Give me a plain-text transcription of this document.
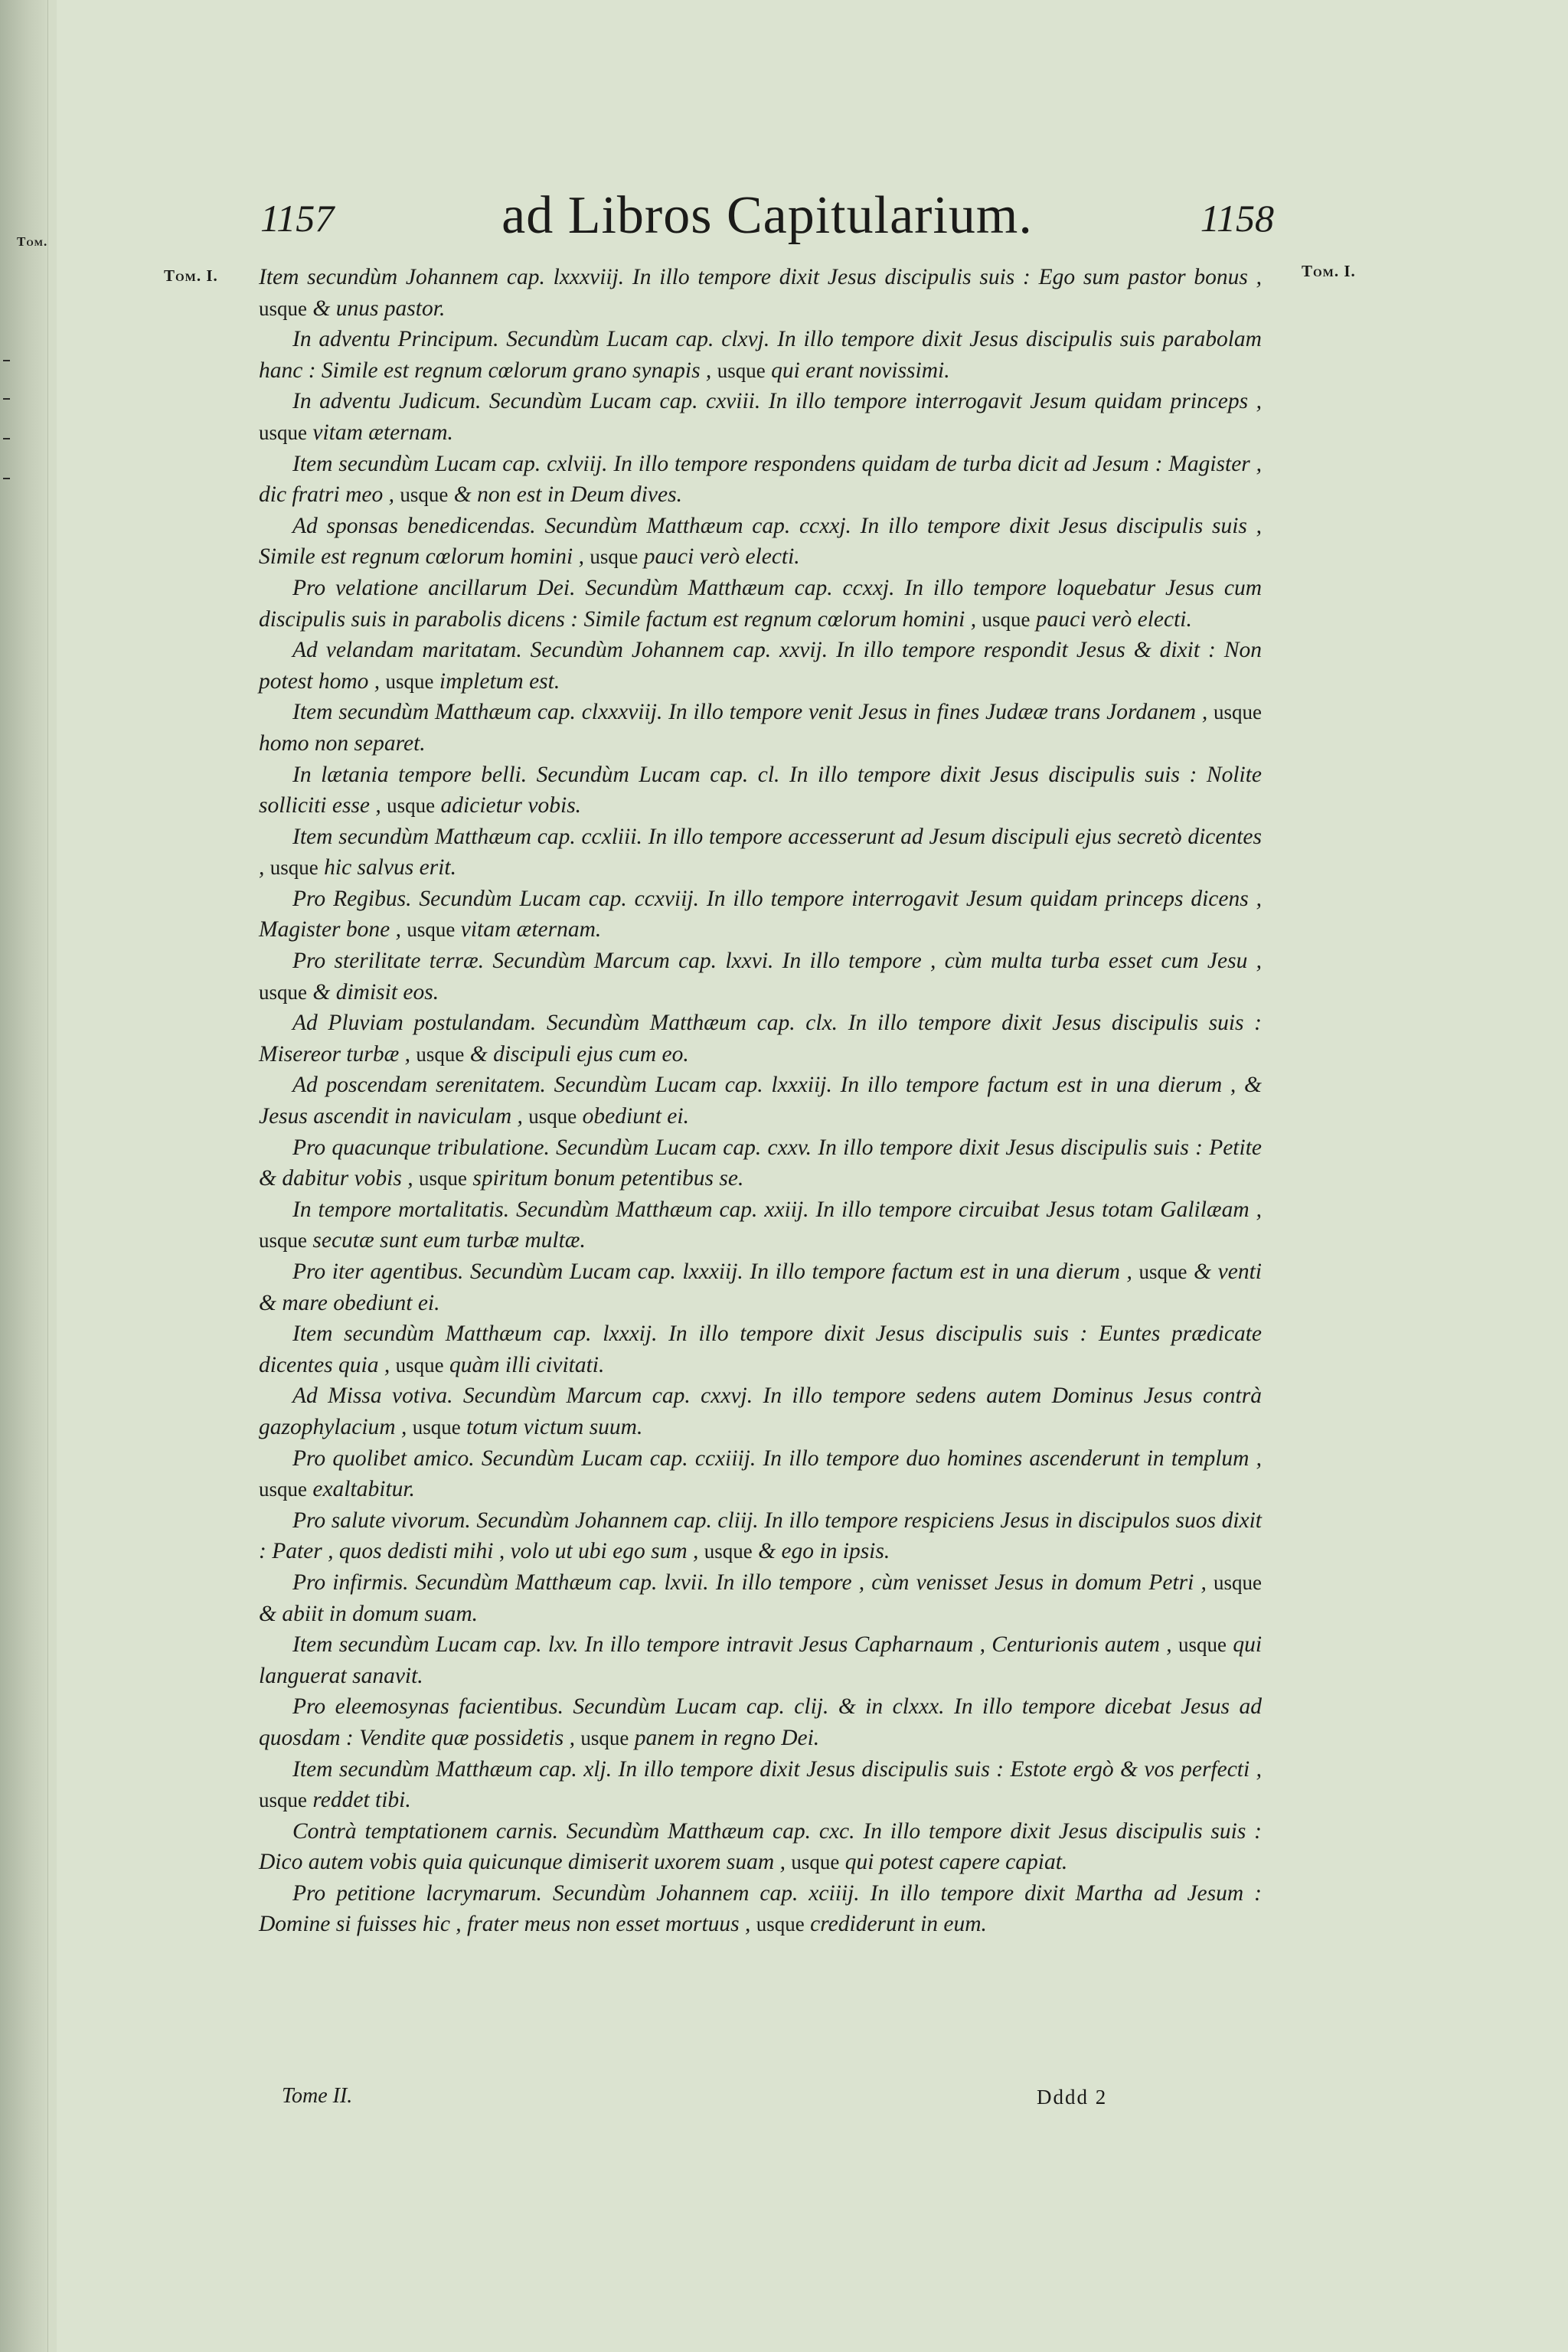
Tom.
1157	ad Libros Capitularium.	1158
Tom. I.	Tom. I.

Item secundùm Johannem cap. lxxxviij. In illo tempore dixit Jesus discipulis suis : Ego sum pastor bonus , usque & unus pastor.

In adventu Principum. Secundùm Lucam cap. clxvj. In illo tempore dixit Jesus discipulis suis parabolam hanc : Simile est regnum cœlorum grano synapis , usque qui erant novissimi.

In adventu Judicum. Secundùm Lucam cap. cxviii. In illo tempore interrogavit Jesum quidam princeps , usque vitam æternam.

Item secundùm Lucam cap. cxlviij. In illo tempore respondens quidam de turba dicit ad Jesum : Magister , dic fratri meo , usque & non est in Deum dives.

Ad sponsas benedicendas. Secundùm Matthæum cap. ccxxj. In illo tempore dixit Jesus discipulis suis , Simile est regnum cœlorum homini , usque pauci verò electi.

Pro velatione ancillarum Dei. Secundùm Matthæum cap. ccxxj. In illo tempore loquebatur Jesus cum discipulis suis in parabolis dicens : Simile factum est regnum cœlorum homini , usque pauci verò electi.

Ad velandam maritatam. Secundùm Johannem cap. xxvij. In illo tempore respondit Jesus & dixit : Non potest homo , usque impletum est.

Item secundùm Matthæum cap. clxxxviij. In illo tempore venit Jesus in fines Judææ trans Jordanem , usque homo non separet.

In lætania tempore belli. Secundùm Lucam cap. cl. In illo tempore dixit Jesus discipulis suis : Nolite solliciti esse , usque adicietur vobis.

Item secundùm Matthæum cap. ccxliii. In illo tempore accesserunt ad Jesum discipuli ejus secretò dicentes , usque hic salvus erit.

Pro Regibus. Secundùm Lucam cap. ccxviij. In illo tempore interrogavit Jesum quidam princeps dicens , Magister bone , usque vitam æternam.

Pro sterilitate terræ. Secundùm Marcum cap. lxxvi. In illo tempore , cùm multa turba esset cum Jesu , usque & dimisit eos.

Ad Pluviam postulandam. Secundùm Matthæum cap. clx. In illo tempore dixit Jesus discipulis suis : Misereor turbæ , usque & discipuli ejus cum eo.

Ad poscendam serenitatem. Secundùm Lucam cap. lxxxiij. In illo tempore factum est in una dierum , & Jesus ascendit in naviculam , usque obediunt ei.

Pro quacunque tribulatione. Secundùm Lucam cap. cxxv. In illo tempore dixit Jesus discipulis suis : Petite & dabitur vobis , usque spiritum bonum petentibus se.

In tempore mortalitatis. Secundùm Matthæum cap. xxiij. In illo tempore circuibat Jesus totam Galilæam , usque secutæ sunt eum turbæ multæ.

Pro iter agentibus. Secundùm Lucam cap. lxxxiij. In illo tempore factum est in una dierum , usque & venti & mare obediunt ei.

Item secundùm Matthæum cap. lxxxij. In illo tempore dixit Jesus discipulis suis : Euntes prædicate dicentes quia , usque quàm illi civitati.

Ad Missa votiva. Secundùm Marcum cap. cxxvj. In illo tempore sedens autem Dominus Jesus contrà gazophylacium , usque totum victum suum.

Pro quolibet amico. Secundùm Lucam cap. ccxiiij. In illo tempore duo homines ascenderunt in templum , usque exaltabitur.

Pro salute vivorum. Secundùm Johannem cap. cliij. In illo tempore respiciens Jesus in discipulos suos dixit : Pater , quos dedisti mihi , volo ut ubi ego sum , usque & ego in ipsis.

Pro infirmis. Secundùm Matthæum cap. lxvii. In illo tempore , cùm venisset Jesus in domum Petri , usque & abiit in domum suam.

Item secundùm Lucam cap. lxv. In illo tempore intravit Jesus Capharnaum , Centurionis autem , usque qui languerat sanavit.

Pro eleemosynas facientibus. Secundùm Lucam cap. clij. & in clxxx. In illo tempore dicebat Jesus ad quosdam : Vendite quæ possidetis , usque panem in regno Dei.

Item secundùm Matthæum cap. xlj. In illo tempore dixit Jesus discipulis suis : Estote ergò & vos perfecti , usque reddet tibi.

Contrà temptationem carnis. Secundùm Matthæum cap. cxc. In illo tempore dixit Jesus discipulis suis : Dico autem vobis quia quicunque dimiserit uxorem suam , usque qui potest capere capiat.

Pro petitione lacrymarum. Secundùm Johannem cap. xciiij. In illo tempore dixit Martha ad Jesum : Domine si fuisses hic , frater meus non esset mortuus , usque crediderunt in eum.

Tome II.	Dddd 2
